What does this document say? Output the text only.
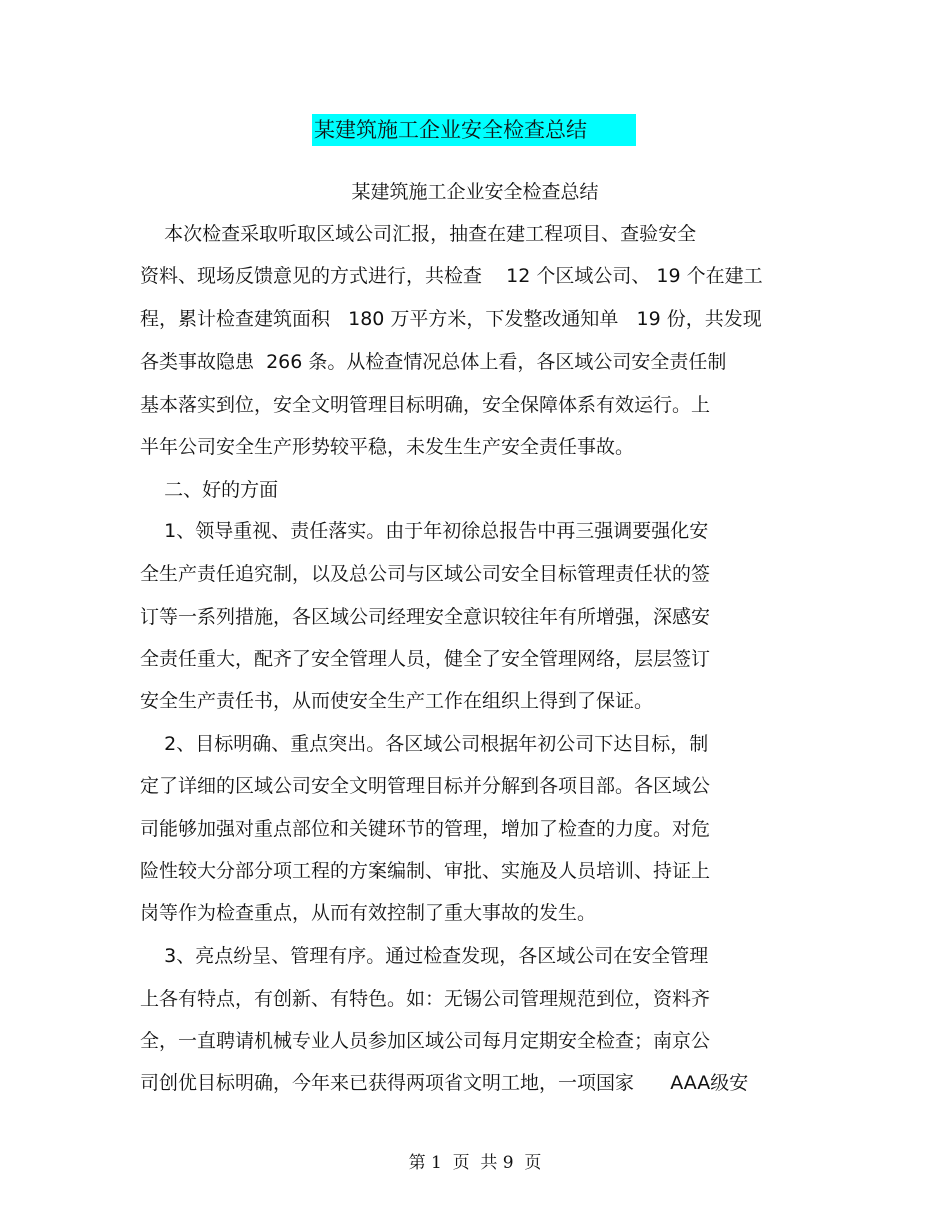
某建筑施工企业安全检查总结
某建筑施工企业安全检查总结
本次检查采取听取区域公司汇报，抽查在建工程项目、查验安全
资料、现场反馈意见的方式进行，共检查    12 个区域公司、 19 个在建工
程，累计检查建筑面积   180 万平方米，下发整改通知单   19 份，共发现
各类事故隐患  266 条。从检查情况总体上看，各区域公司安全责任制
基本落实到位，安全文明管理目标明确，安全保障体系有效运行。上
半年公司安全生产形势较平稳，未发生生产安全责任事故。
二、好的方面
1、领导重视、责任落实。由于年初徐总报告中再三强调要强化安
全生产责任追究制，以及总公司与区域公司安全目标管理责任状的签
订等一系列措施，各区域公司经理安全意识较往年有所增强，深感安
全责任重大，配齐了安全管理人员，健全了安全管理网络，层层签订
安全生产责任书，从而使安全生产工作在组织上得到了保证。
2、目标明确、重点突出。各区域公司根据年初公司下达目标，制
定了详细的区域公司安全文明管理目标并分解到各项目部。各区域公
司能够加强对重点部位和关键环节的管理，增加了检查的力度。对危
险性较大分部分项工程的方案编制、审批、实施及人员培训、持证上
岗等作为检查重点，从而有效控制了重大事故的发生。
3、亮点纷呈、管理有序。通过检查发现，各区域公司在安全管理
上各有特点，有创新、有特色。如：无锡公司管理规范到位，资料齐
全，一直聘请机械专业人员参加区域公司每月定期安全检查；南京公
司创优目标明确，今年来已获得两项省文明工地，一项国家      AAA级安
第 1  页  共 9  页
